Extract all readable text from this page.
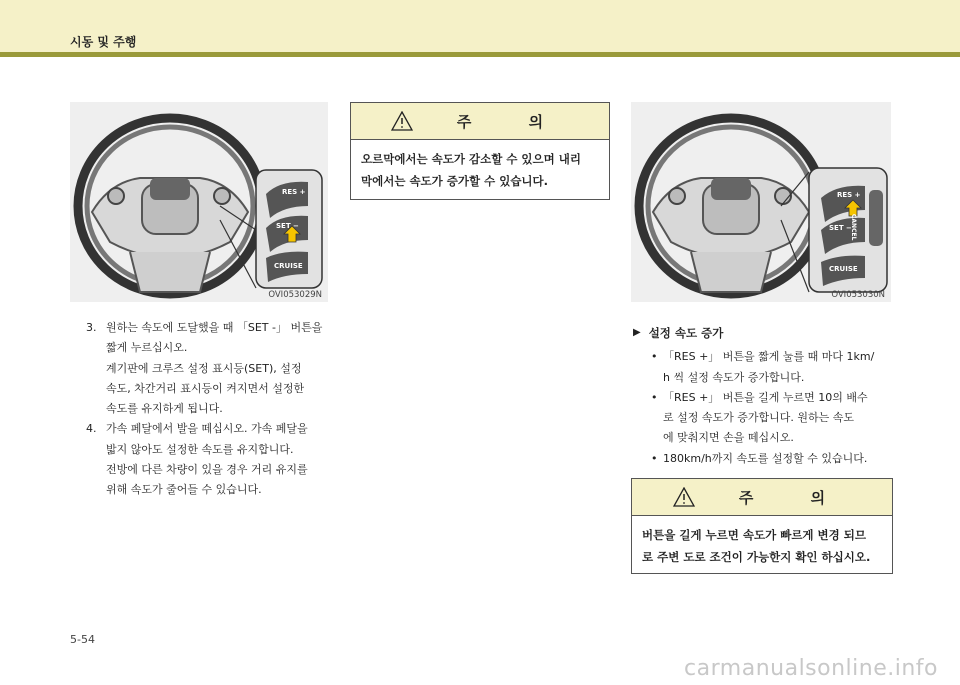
시동 및 주행
RES +
SET −
CRUISE
OVI053029N
주 의
오르막에서는 속도가 감소할 수 있으며 내리
막에서는 속도가 증가할 수 있습니다.
RES +
SET −
CRUISE
CANCEL
OVI053030N
3. 원하는 속도에 도달했을 때 「SET -」 버튼을

짧게 누르십시오.

계기판에 크루즈 설정 표시등(SET), 설정

속도, 차간거리 표시등이 켜지면서 설정한

속도를 유지하게 됩니다.

4. 가속 페달에서 발을 떼십시오. 가속 페달을

밟지 않아도 설정한 속도를 유지합니다.

전방에 다른 차량이 있을 경우 거리 유지를

위해 속도가 줄어들 수 있습니다.

▶ 설정 속도 증가
• 「RES +」 버튼을 짧게 눌를 때 마다 1km/
h 씩 설정 속도가 증가합니다.
• 「RES +」 버튼을 길게 누르면 10의 배수
로 설정 속도가 증가합니다. 원하는 속도
에 맞춰지면 손을 떼십시오.
• 180km/h까지 속도를 설정할 수 있습니다.
주 의
버튼을 길게 누르면 속도가 빠르게 변경 되므
로 주변 도로 조건이 가능한지 확인 하십시오.
5-54
carmanualsonline.info
